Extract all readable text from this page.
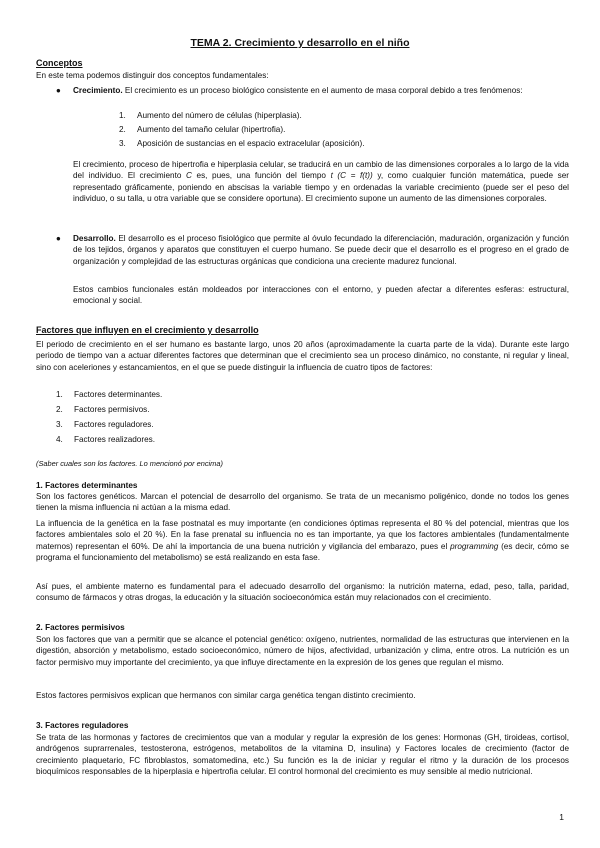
TEMA 2. Crecimiento y desarrollo en el niño
Conceptos
En este tema podemos distinguir dos conceptos fundamentales:
● Crecimiento. El crecimiento es un proceso biológico consistente en el aumento de masa corporal debido a tres fenómenos:

1. Aumento del número de células (hiperplasia).
2. Aumento del tamaño celular (hipertrofia).
3. Aposición de sustancias en el espacio extracelular (aposición).

El crecimiento, proceso de hipertrofia e hiperplasia celular, se traducirá en un cambio de las dimensiones corporales a lo largo de la vida del individuo. El crecimiento C es, pues, una función del tiempo t (C = f(t)) y, como cualquier función matemática, puede ser representado gráficamente, poniendo en abscisas la variable tiempo y en ordenadas la variable crecimiento (puede ser el peso del individuo, o su talla, u otra variable que se considere oportuna). El crecimiento supone un aumento de las dimensiones corporales.

● Desarrollo. El desarrollo es el proceso fisiológico que permite al óvulo fecundado la diferenciación, maduración, organización y función de los tejidos, órganos y aparatos que constituyen el cuerpo humano. Se puede decir que el desarrollo es el progreso en el grado de organización y complejidad de las estructuras orgánicas que condiciona una creciente madurez funcional.

Estos cambios funcionales están moldeados por interacciones con el entorno, y pueden afectar a diferentes esferas: estructural, emocional y social.

Factores que influyen en el crecimiento y desarrollo

El periodo de crecimiento en el ser humano es bastante largo, unos 20 años (aproximadamente la cuarta parte de la vida). Durante este largo periodo de tiempo van a actuar diferentes factores que determinan que el crecimiento sea un proceso dinámico, no constante, ni regular y lineal, sino con aceleriones y estancamientos, en el que se puede distinguir la influencia de cuatro tipos de factores:

1. Factores determinantes.
2. Factores permisivos.
3. Factores reguladores.
4. Factores realizadores.
(Saber cuales son los factores. Lo mencionó por encima)
1. Factores determinantes

Son los factores genéticos. Marcan el potencial de desarrollo del organismo. Se trata de un mecanismo poligénico, donde no todos los genes tienen la misma influencia ni actúan a la misma edad.

La influencia de la genética en la fase postnatal es muy importante (en condiciones óptimas representa el 80 % del potencial, mientras que los factores ambientales solo el 20 %). En la fase prenatal su influencia no es tan importante, ya que los factores ambientales (fundamentalmente maternos) representan el 60%. De ahí la importancia de una buena nutrición y vigilancia del embarazo, pues el programming (es decir, cómo se programa el funcionamiento del metabolismo) se está realizando en esta fase.

Así pues, el ambiente materno es fundamental para el adecuado desarrollo del organismo: la nutrición materna, edad, peso, talla, paridad, consumo de fármacos y otras drogas, la educación y la situación socioeconómica están muy relacionados con el crecimiento.

2. Factores permisivos

Son los factores que van a permitir que se alcance el potencial genético: oxígeno, nutrientes, normalidad de las estructuras que intervienen en la digestión, absorción y metabolismo, estado socioeconómico, número de hijos, afectividad, urbanización y clima, entre otros. La nutrición es un factor permisivo muy importante del crecimiento, ya que influye directamente en la expresión de los genes que regulan el mismo.

Estos factores permisivos explican que hermanos con similar carga genética tengan distinto crecimiento.

3. Factores reguladores

Se trata de las hormonas y factores de crecimientos que van a modular y regular la expresión de los genes: Hormonas (GH, tiroideas, cortisol, andrógenos suprarrenales, testosterona, estrógenos, metabolitos de la vitamina D, insulina) y Factores locales de crecimiento (factor de crecimiento plaquetario, FC fibroblastos, somatomedina, etc.) Su función es la de iniciar y regular el ritmo y la duración de los procesos bioquímicos responsables de la hiperplasia e hipertrofia celular. El control hormonal del crecimiento es muy sensible al medio nutricional.

1
